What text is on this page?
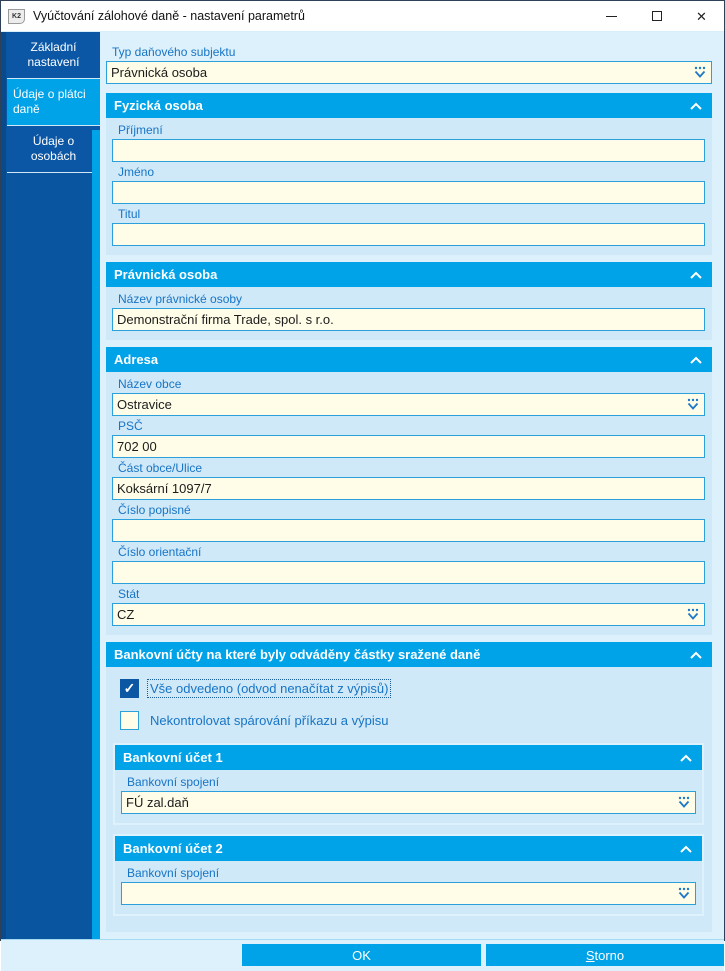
K2 Vyúčtování zálohové daně - nastavení parametrů	✕
Základní nastavení
Údaje o plátci daně
Údaje o osobách
Typ daňového subjektu
Právnická osoba
Fyzická osoba
Příjmení
Jméno
Titul
Právnická osoba
Název právnické osoby
Demonstrační firma Trade, spol. s r.o.
Adresa
Název obce
Ostravice
PSČ
702 00
Část obce/Ulice
Koksární 1097/7
Číslo popisné
Číslo orientační
Stát
CZ
Bankovní účty na které byly odváděny částky sražené daně
✓
Vše odvedeno (odvod nenačítat z výpisů)
Nekontrolovat spárování příkazu a výpisu
Bankovní účet 1
Bankovní spojení
FÚ zal.daň
Bankovní účet 2
Bankovní spojení
OK	Storno
